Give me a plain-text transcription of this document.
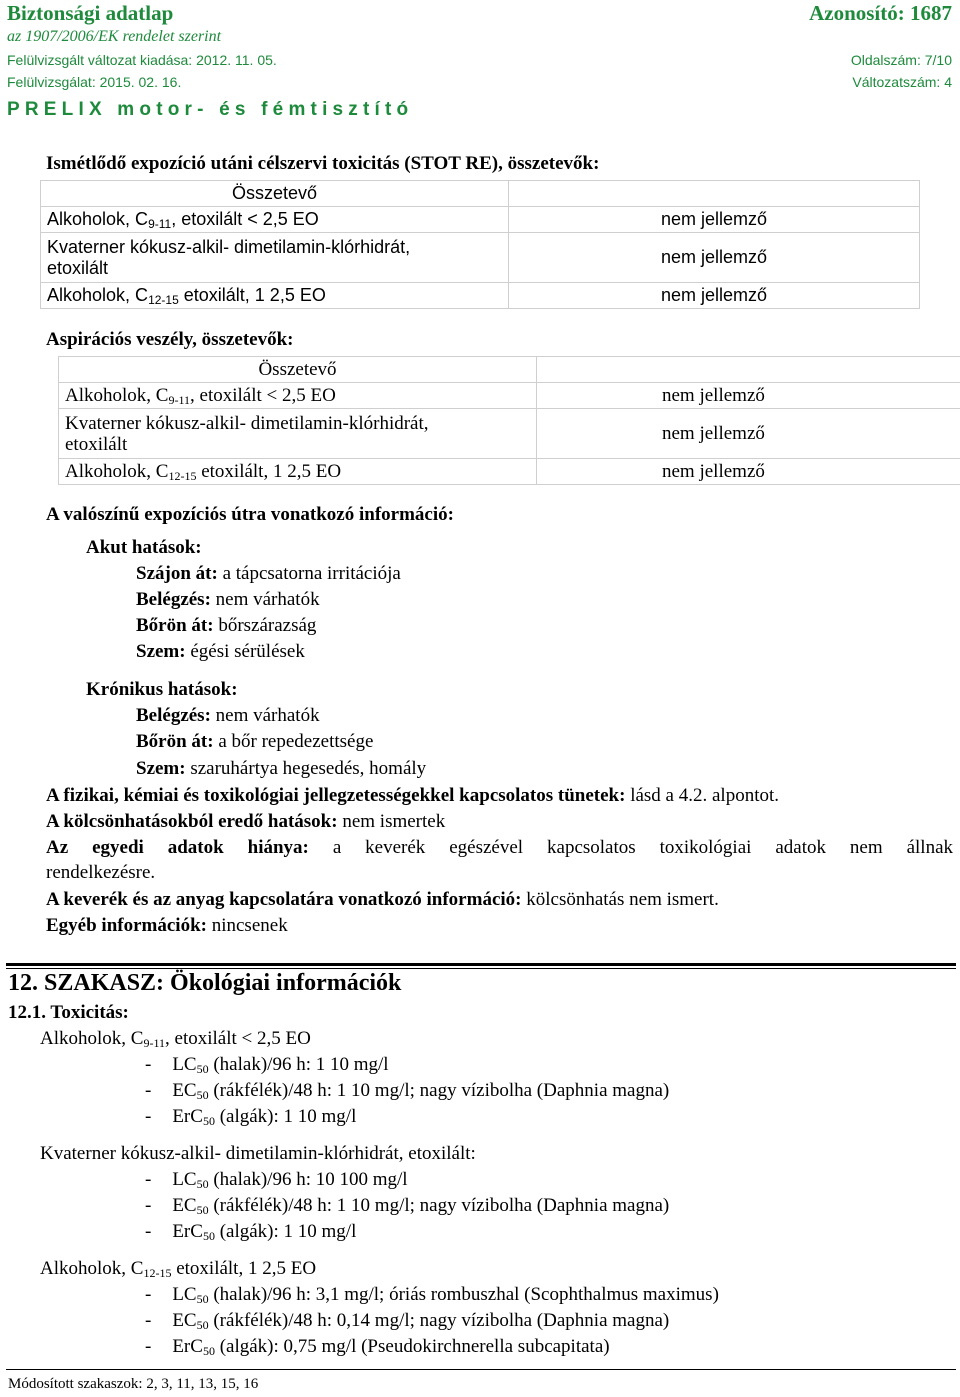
Biztonsági adatlap	Azonosító: 1687
az 1907/2006/EK rendelet szerint
Felülvizsgált változat kiadása: 2012. 11. 05.	Oldalszám: 7/10
Felülvizsgálat: 2015. 02. 16.	Változatszám: 4
PRELIX motor- és fémtisztító
Ismétlődő expozíció utáni célszervi toxicitás (STOT RE), összetevők:
Összetevő	
Alkoholok, $C_{9-11}$, etoxilált < 2,5 EO	nem jellemző
Kvaterner kókusz-alkil- dimetilamin-klórhidrát,
etoxilált	nem jellemző
Alkoholok, $C_{12-15}$ etoxilált, 1 2,5 EO	nem jellemző
Aspirációs veszély, összetevők:
Összetevő	
Alkoholok, $C_{9-11}$, etoxilált < 2,5 EO	nem jellemző
Kvaterner kókusz-alkil- dimetilamin-klórhidrát,
etoxilált	nem jellemző
Alkoholok, $C_{12-15}$ etoxilált, 1 2,5 EO	nem jellemző
A valószínű expozíciós útra vonatkozó információ:
Akut hatások:
Szájon át: a tápcsatorna irritációja
Belégzés: nem várhatók
Bőrön át: bőrszárazság
Szem: égési sérülések
Krónikus hatások:
Belégzés: nem várhatók
Bőrön át: a bőr repedezettsége
Szem: szaruhártya hegesedés, homály
A fizikai, kémiai és toxikológiai jellegzetességekkel kapcsolatos tünetek: lásd a 4.2. alpontot.
A kölcsönhatásokból eredő hatások: nem ismertek
Az egyedi adatok hiánya: a keverék egészével kapcsolatos toxikológiai adatok nem állnak
rendelkezésre.
A keverék és az anyag kapcsolatára vonatkozó információ: kölcsönhatás nem ismert.
Egyéb információk: nincsenek
12. SZAKASZ: Ökológiai információk
12.1. Toxicitás:
Alkoholok, $C_{9-11}$, etoxilált < 2,5 EO
- $LC_{50}$ (halak)/96 h: 1 10 mg/l
- $EC_{50}$ (rákfélék)/48 h: 1 10 mg/l; nagy vízibolha (Daphnia magna)
- ErC$_{50}$ (algák): 1 10 mg/l
Kvaterner kókusz-alkil- dimetilamin-klórhidrát, etoxilált:
- $LC_{50}$ (halak)/96 h: 10 100 mg/l
- $EC_{50}$ (rákfélék)/48 h: 1 10 mg/l; nagy vízibolha (Daphnia magna)
- ErC$_{50}$ (algák): 1 10 mg/l
Alkoholok, $C_{12-15}$ etoxilált, 1 2,5 EO
- $LC_{50}$ (halak)/96 h: 3,1 mg/l; óriás rombuszhal (Scophthalmus maximus)
- $EC_{50}$ (rákfélék)/48 h: 0,14 mg/l; nagy vízibolha (Daphnia magna)
- ErC$_{50}$ (algák): 0,75 mg/l (Pseudokirchnerella subcapitata)
Módosított szakaszok: 2, 3, 11, 13, 15, 16
